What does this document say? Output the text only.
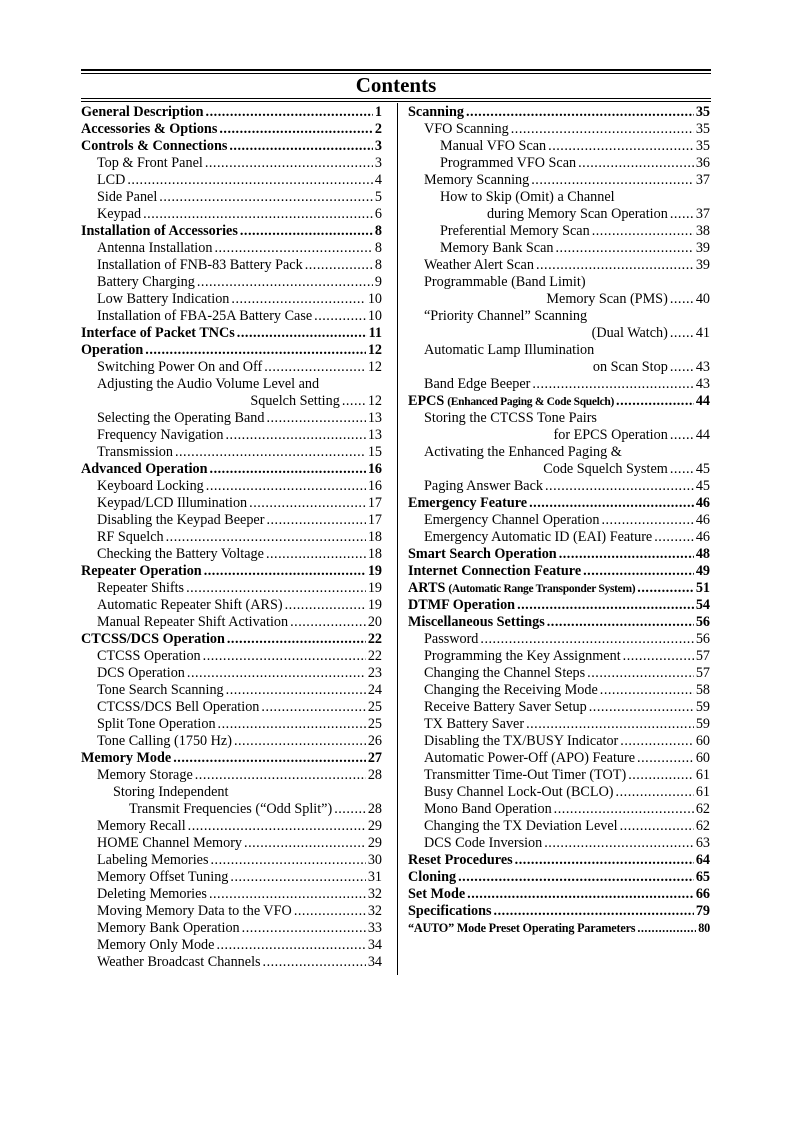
Contents
General Description .....	1
Accessories & Options .....	2
Controls & Connections .....	3
Top & Front Panel .....	3
LCD .....	4
Side Panel .....	5
Keypad .....	6
Installation of Accessories .....	8
Antenna Installation .....	8
Installation of FNB-83 Battery Pack .....	8
Battery Charging .....	9
Low Battery Indication .....	10
Installation of FBA-25A Battery Case .....	10
Interface of Packet TNCs .....	11
Operation .....	12
Switching Power On and Off .....	12
Adjusting the Audio Volume Level and
Squelch Setting ..... 12
Selecting the Operating Band .....	13
Frequency Navigation .....	13
Transmission .....	15
Advanced Operation .....	16
Keyboard Locking .....	16
Keypad/LCD Illumination .....	17
Disabling the Keypad Beeper .....	17
RF Squelch .....	18
Checking the Battery Voltage .....	18
Repeater Operation .....	19
Repeater Shifts .....	19
Automatic Repeater Shift (ARS) .....	19
Manual Repeater Shift Activation .....	20
CTCSS/DCS Operation .....	22
CTCSS Operation .....	22
DCS Operation .....	23
Tone Search Scanning .....	24
CTCSS/DCS Bell Operation .....	25
Split Tone Operation .....	25
Tone Calling (1750 Hz) .....	26
Memory Mode .....	27
Memory Storage .....	28
Storing Independent
Transmit Frequencies (“Odd Split”) .....	28
Memory Recall .....	29
HOME Channel Memory .....	29
Labeling Memories .....	30
Memory Offset Tuning .....	31
Deleting Memories .....	32
Moving Memory Data to the VFO .....	32
Memory Bank Operation .....	33
Memory Only Mode .....	34
Weather Broadcast Channels .....	34
Scanning .....	35
VFO Scanning .....	35
Manual VFO Scan .....	35
Programmed VFO Scan .....	36
Memory Scanning .....	37
How to Skip (Omit) a Channel
during Memory Scan Operation ..... 37
Preferential Memory Scan .....	38
Memory Bank Scan .....	39
Weather Alert Scan .....	39
Programmable (Band Limit)
Memory Scan (PMS) ..... 40
“Priority Channel” Scanning
(Dual Watch) ..... 41
Automatic Lamp Illumination
on Scan Stop ..... 43
Band Edge Beeper .....	43
EPCS (Enhanced Paging & Code Squelch) .....	44
Storing the CTCSS Tone Pairs
for EPCS Operation ..... 44
Activating the Enhanced Paging &
Code Squelch System ..... 45
Paging Answer Back .....	45
Emergency Feature .....	46
Emergency Channel Operation .....	46
Emergency Automatic ID (EAI) Feature .....	46
Smart Search Operation .....	48
Internet Connection Feature .....	49
ARTS (Automatic Range Transponder System) .....	51
DTMF Operation .....	54
Miscellaneous Settings .....	56
Password .....	56
Programming the Key Assignment .....	57
Changing the Channel Steps .....	57
Changing the Receiving Mode .....	58
Receive Battery Saver Setup .....	59
TX Battery Saver .....	59
Disabling the TX/BUSY Indicator .....	60
Automatic Power-Off (APO) Feature .....	60
Transmitter Time-Out Timer (TOT) .....	61
Busy Channel Lock-Out (BCLO) .....	61
Mono Band Operation .....	62
Changing the TX Deviation Level .....	62
DCS Code Inversion .....	63
Reset Procedures .....	64
Cloning .....	65
Set Mode .....	66
Specifications .....	79
“AUTO” Mode Preset Operating Parameters .....	80
